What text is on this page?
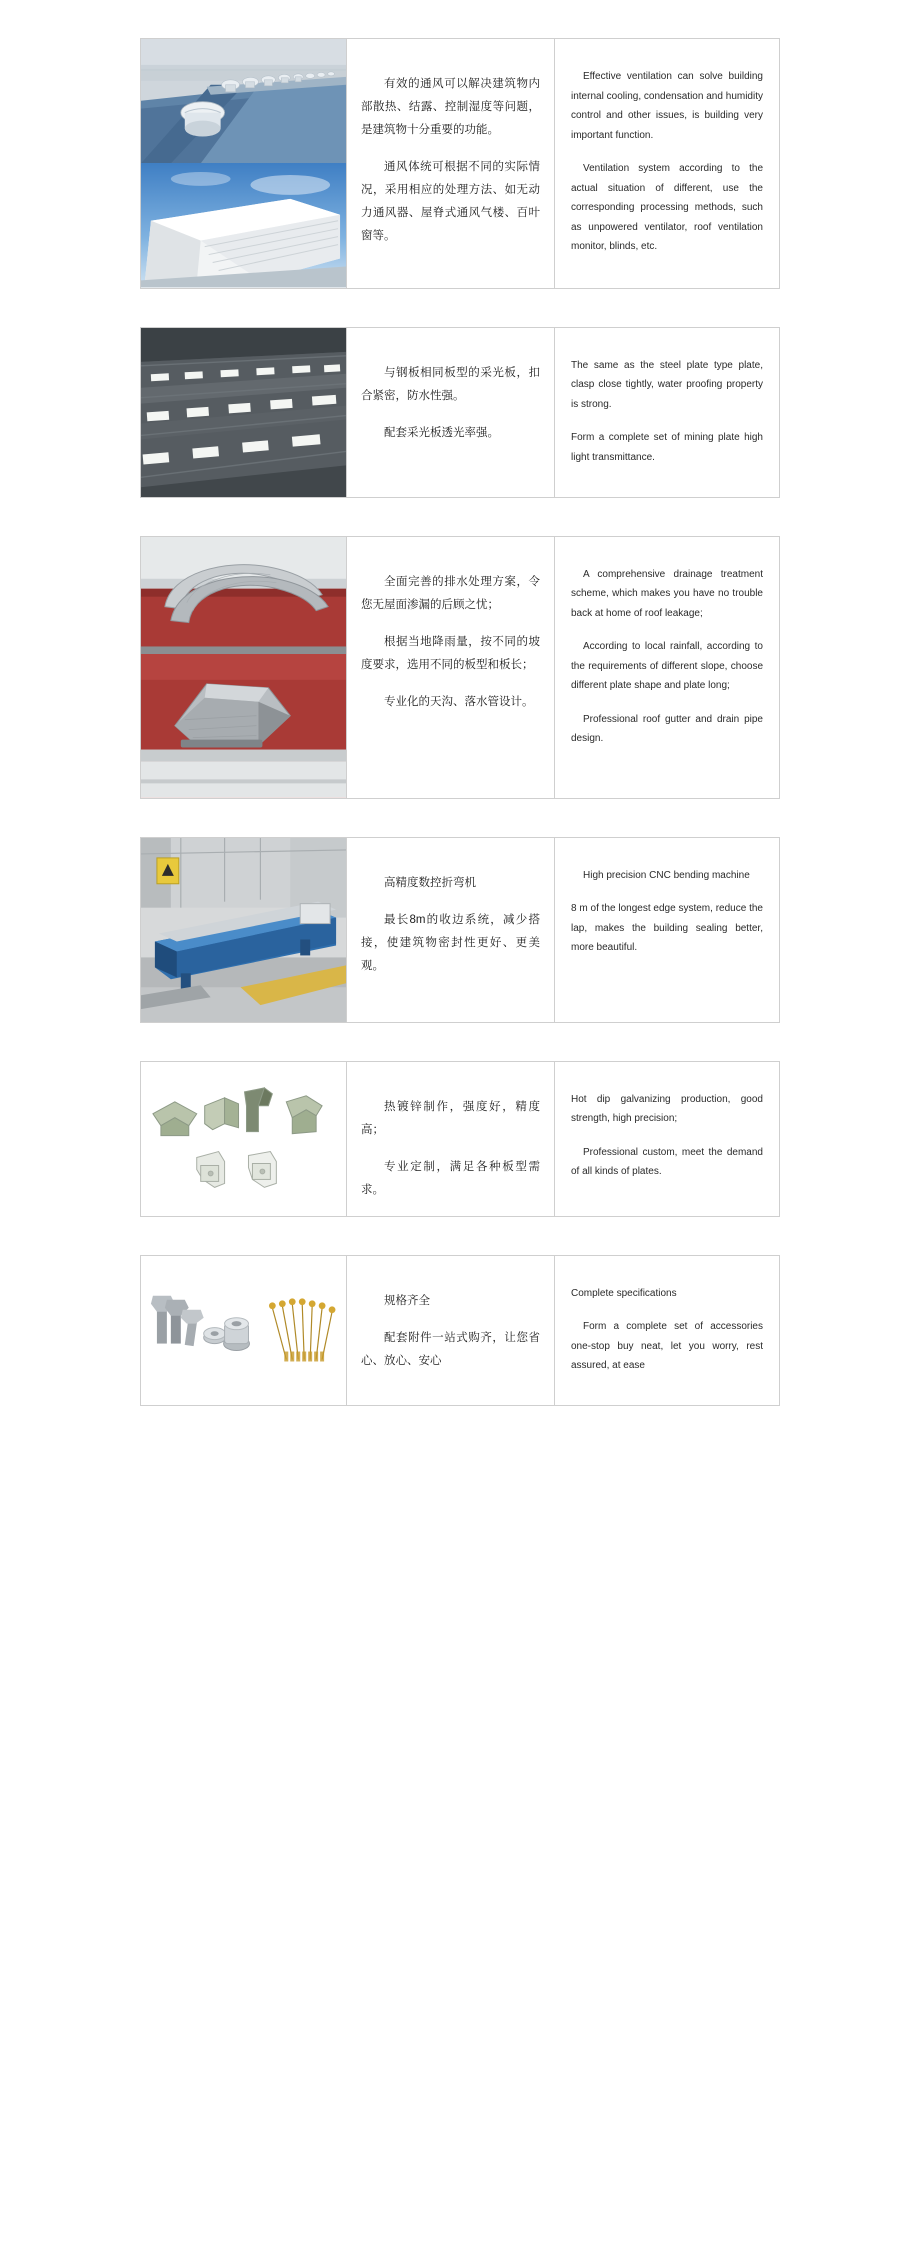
有效的通风可以解决建筑物内部散热、结露、控制湿度等问题，是建筑物十分重要的功能。

通风体统可根据不同的实际情况，采用相应的处理方法、如无动力通风器、屋脊式通风气楼、百叶窗等。

Effective ventilation can solve building internal cooling, condensation and humidity control and other issues, is building very important function.

Ventilation system according to the actual situation of different, use the corresponding processing methods, such as unpowered ventilator, roof ventilation monitor, blinds, etc.

与钢板相同板型的采光板，扣合紧密，防水性强。

配套采光板透光率强。

The same as the steel plate type plate, clasp close tightly, water proofing property is strong.

Form a complete set of mining plate high light transmittance.

全面完善的排水处理方案，令您无屋面渗漏的后顾之忧；

根据当地降雨量，按不同的坡度要求，选用不同的板型和板长；

专业化的天沟、落水管设计。

A comprehensive drainage treatment scheme, which makes you have no trouble back at home of roof leakage;

According to local rainfall, according to the requirements of different slope, choose different plate shape and plate long;

Professional roof gutter and drain pipe design.

高精度数控折弯机

最长8m的收边系统，减少搭接，使建筑物密封性更好、更美观。

High precision CNC bending machine

8 m of the longest edge system, reduce the lap, makes the building sealing better, more beautiful.

热镀锌制作，强度好，精度高；

专业定制，满足各种板型需求。

Hot dip galvanizing production, good strength, high precision;

Professional custom, meet the demand of all kinds of plates.

规格齐全

配套附件一站式购齐，让您省心、放心、安心

Complete specifications

Form a complete set of accessories one-stop buy neat, let you worry, rest assured, at ease
